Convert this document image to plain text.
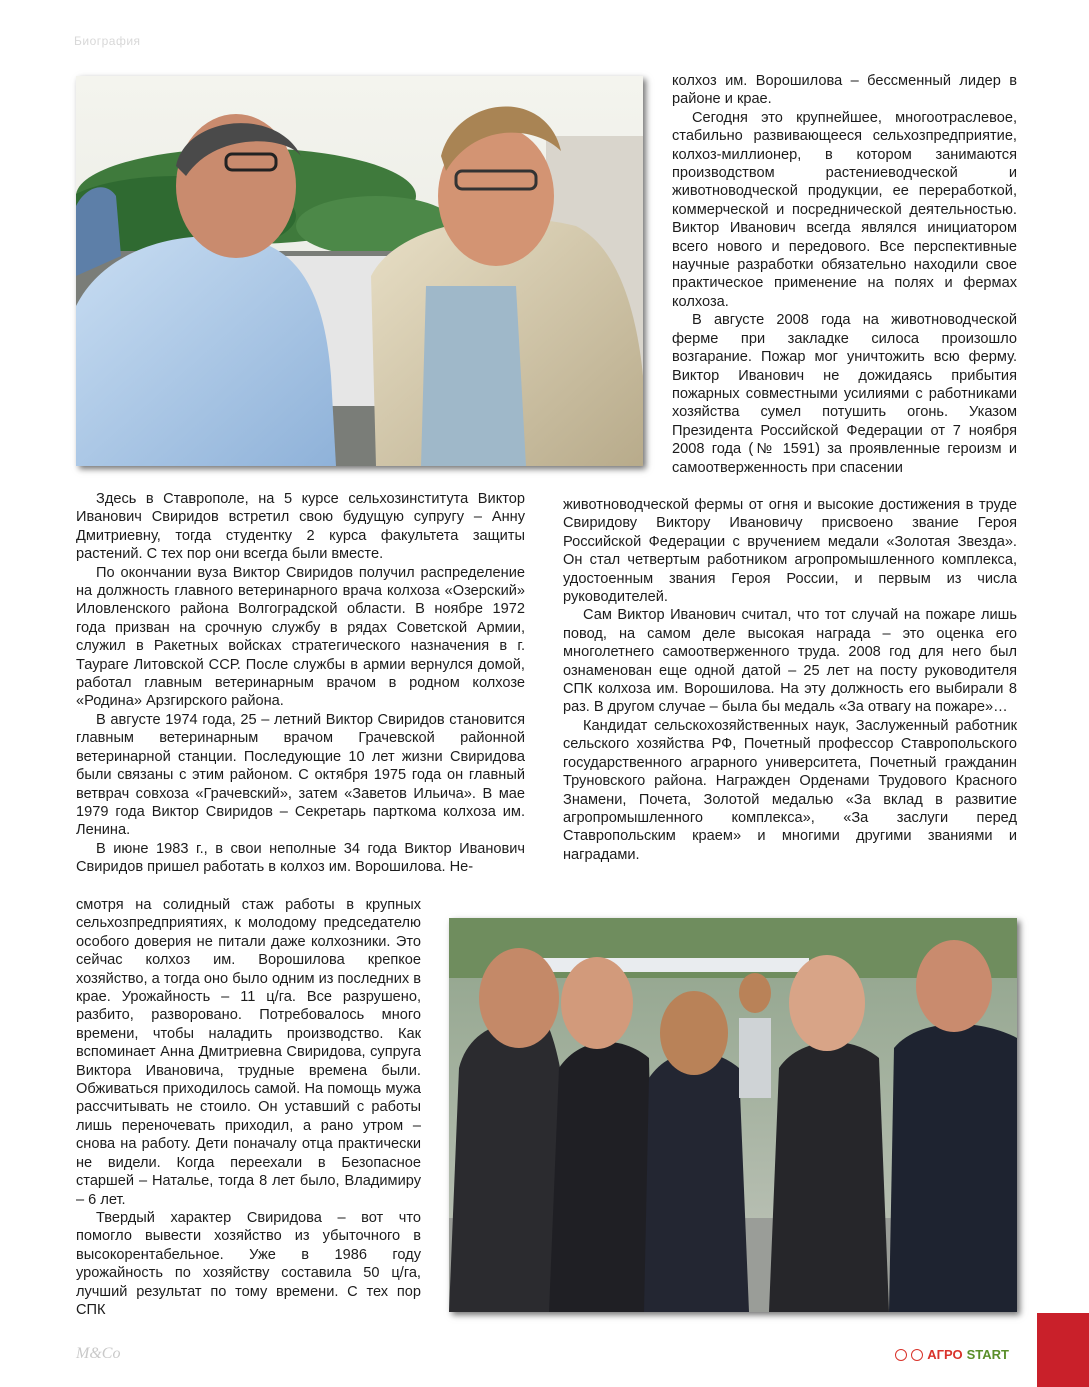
Биография

колхоз им. Ворошилова – бессменный лидер в районе и крае.

Сегодня это крупнейшее, многоотраслевое, стабильно развивающееся сельхозпредприятие, колхоз-миллионер, в котором занимаются производством растениеводческой и животноводческой продукции, ее переработкой, коммерческой и посреднической деятельностью. Виктор Иванович всегда являлся инициатором всего нового и передового. Все перспективные научные разработки обязательно находили свое практическое применение на полях и фермах колхоза.

В августе 2008 года на животноводческой ферме при закладке силоса произошло возгарание. Пожар мог уничтожить всю ферму. Виктор Иванович не дожидаясь прибытия пожарных совместными усилиями с работниками хозяйства сумел потушить огонь. Указом Президента Российской Федерации от 7 ноября 2008 года (№ 1591) за проявленные героизм и самоотверженность при спасении

животноводческой фермы от огня и высокие достижения в труде Свиридову Виктору Ивановичу присвоено звание Героя Российской Федерации с вручением медали «Золотая Звезда». Он стал четвертым работником агропромышленного комплекса, удостоенным звания Героя России, и первым из числа руководителей.

Сам Виктор Иванович считал, что тот случай на пожаре лишь повод, на самом деле высокая награда – это оценка его многолетнего самоотверженного труда. 2008 год для него был ознаменован еще одной датой – 25 лет на посту руководителя СПК колхоза им. Ворошилова. На эту должность его выбирали 8 раз. В другом случае – была бы медаль «За отвагу на пожаре»…

Кандидат сельскохозяйственных наук, Заслуженный работник сельского хозяйства РФ, Почетный профессор Ставропольского государственного аграрного университета, Почетный гражданин Труновского района. Награжден Орденами Трудового Красного Знамени, Почета, Золотой медалью «За вклад в развитие агропромышленного комплекса», «За заслуги перед Ставропольским краем» и многими другими званиями и наградами.

Здесь в Ставрополе, на 5 курсе сельхозинститута Виктор Иванович Свиридов встретил свою будущую супругу – Анну Дмитриевну, тогда студентку 2 курса факультета защиты растений. С тех пор они всегда были вместе.

По окончании вуза Виктор Свиридов получил распределение на должность главного ветеринарного врача колхоза «Озерский» Иловленского района Волгоградской области. В ноябре 1972 года призван на срочную службу в рядах Советской Армии, служил в Ракетных войсках стратегического назначения в г. Таураге Литовской ССР. После службы в армии вернулся домой, работал главным ветеринарным врачом в родном колхозе «Родина» Арзгирского района.

В августе 1974 года, 25 – летний Виктор Свиридов становится главным ветеринарным врачом Грачевской районной ветеринарной станции. Последующие 10 лет жизни Свиридова были связаны с этим районом. С октября 1975 года он главный ветврач совхоза «Грачевский», затем «Заветов Ильича». В мае 1979 года Виктор Свиридов – Секретарь парткома колхоза им. Ленина.

В июне 1983 г., в свои неполные 34 года Виктор Иванович Свиридов пришел работать в колхоз им. Ворошилова. Не-

смотря на солидный стаж работы в крупных сельхозпредприятиях, к молодому председателю особого доверия не питали даже колхозники. Это сейчас колхоз им. Ворошилова крепкое хозяйство, а тогда оно было одним из последних в крае. Урожайность – 11 ц/га. Все разрушено, разбито, разворовано. Потребовалось много времени, чтобы наладить производство. Как вспоминает Анна Дмитриевна Свиридова, супруга Виктора Ивановича, трудные времена были. Обживаться приходилось самой. На помощь мужа рассчитывать не стоило. Он уставший с работы лишь переночевать приходил, а рано утром – снова на работу. Дети поначалу отца практически не видели. Когда переехали в Безопасное старшей – Наталье, тогда 8 лет было, Владимиру – 6 лет.

Твердый характер Свиридова – вот что помогло вывести хозяйство из убыточного в высокорентабельное. Уже в 1986 году урожайность по хозяйству составила 50 ц/га, лучший результат по тому времени. С тех пор СПК

M&Co	АГРО START
